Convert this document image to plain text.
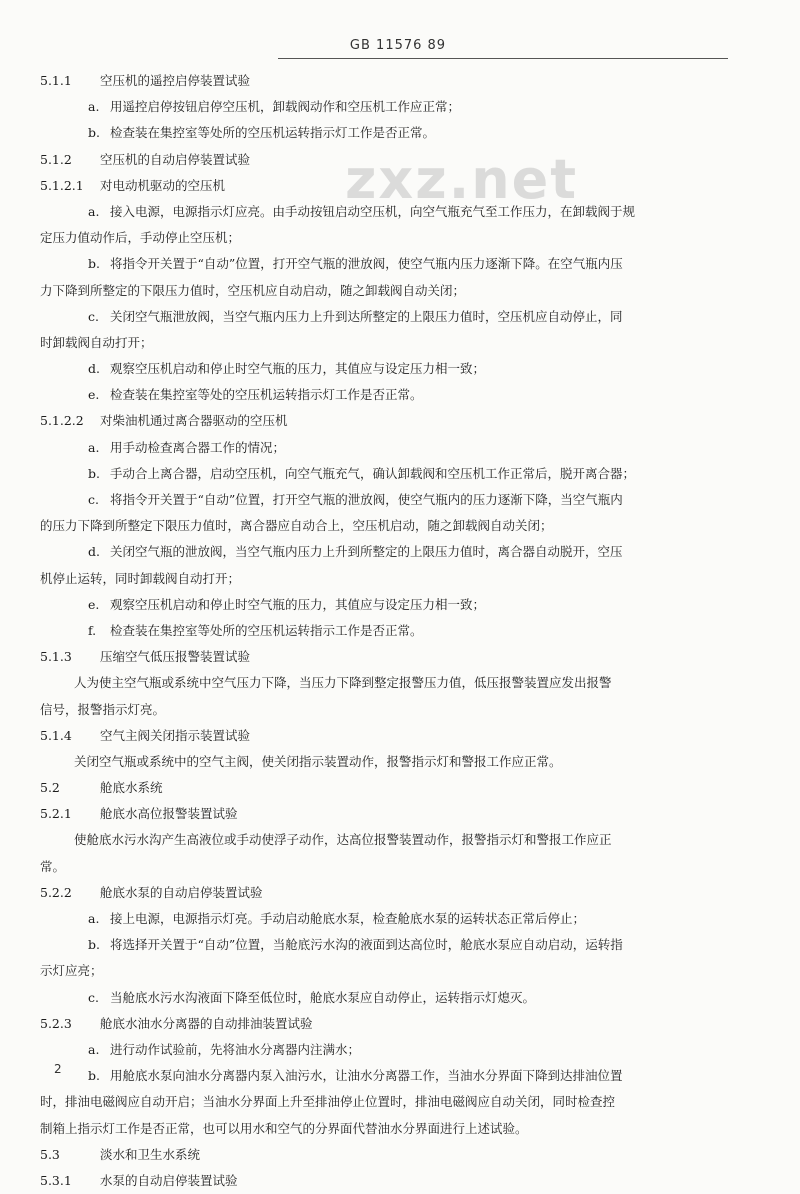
GB 11576 89
zxz.net
5.1.1 空压机的遥控启停装置试验
a. 用遥控启停按钮启停空压机，卸载阀动作和空压机工作应正常；
b. 检查装在集控室等处所的空压机运转指示灯工作是否正常。
5.1.2 空压机的自动启停装置试验
5.1.2.1 对电动机驱动的空压机
a. 接入电源，电源指示灯应亮。由手动按钮启动空压机，向空气瓶充气至工作压力，在卸载阀于规
定压力值动作后，手动停止空压机；
b. 将指令开关置于“自动”位置，打开空气瓶的泄放阀，使空气瓶内压力逐渐下降。在空气瓶内压
力下降到所整定的下限压力值时，空压机应自动启动，随之卸载阀自动关闭；
c. 关闭空气瓶泄放阀，当空气瓶内压力上升到达所整定的上限压力值时，空压机应自动停止，同
时卸载阀自动打开；
d. 观察空压机启动和停止时空气瓶的压力，其值应与设定压力相一致；
e. 检查装在集控室等处的空压机运转指示灯工作是否正常。
5.1.2.2 对柴油机通过离合器驱动的空压机
a. 用手动检查离合器工作的情况；
b. 手动合上离合器，启动空压机，向空气瓶充气，确认卸载阀和空压机工作正常后，脱开离合器；
c. 将指令开关置于“自动”位置，打开空气瓶的泄放阀，使空气瓶内的压力逐渐下降，当空气瓶内
的压力下降到所整定下限压力值时，离合器应自动合上，空压机启动，随之卸载阀自动关闭；
d. 关闭空气瓶的泄放阀，当空气瓶内压力上升到所整定的上限压力值时，离合器自动脱开，空压
机停止运转，同时卸载阀自动打开；
e. 观察空压机启动和停止时空气瓶的压力，其值应与设定压力相一致；
f. 检查装在集控室等处所的空压机运转指示工作是否正常。
5.1.3 压缩空气低压报警装置试验
人为使主空气瓶或系统中空气压力下降，当压力下降到整定报警压力值，低压报警装置应发出报警
信号，报警指示灯亮。
5.1.4 空气主阀关闭指示装置试验
关闭空气瓶或系统中的空气主阀，使关闭指示装置动作，报警指示灯和警报工作应正常。
5.2	舱底水系统
5.2.1 舱底水高位报警装置试验
使舱底水污水沟产生高液位或手动使浮子动作，达高位报警装置动作，报警指示灯和警报工作应正
常。
5.2.2 舱底水泵的自动启停装置试验
a. 接上电源，电源指示灯亮。手动启动舱底水泵，检查舱底水泵的运转状态正常后停止；
b. 将选择开关置于“自动”位置，当舱底污水沟的液面到达高位时，舱底水泵应自动启动，运转指
示灯应亮；
c. 当舱底水污水沟液面下降至低位时，舱底水泵应自动停止，运转指示灯熄灭。
5.2.3 舱底水油水分离器的自动排油装置试验
a. 进行动作试验前，先将油水分离器内注满水；
b. 用舱底水泵向油水分离器内泵入油污水，让油水分离器工作，当油水分界面下降到达排油位置
时，排油电磁阀应自动开启；当油水分界面上升至排油停止位置时，排油电磁阀应自动关闭，同时检查控
制箱上指示灯工作是否正常，也可以用水和空气的分界面代替油水分界面进行上述试验。
5.3	淡水和卫生水系统
5.3.1 水泵的自动启停装置试验
2
